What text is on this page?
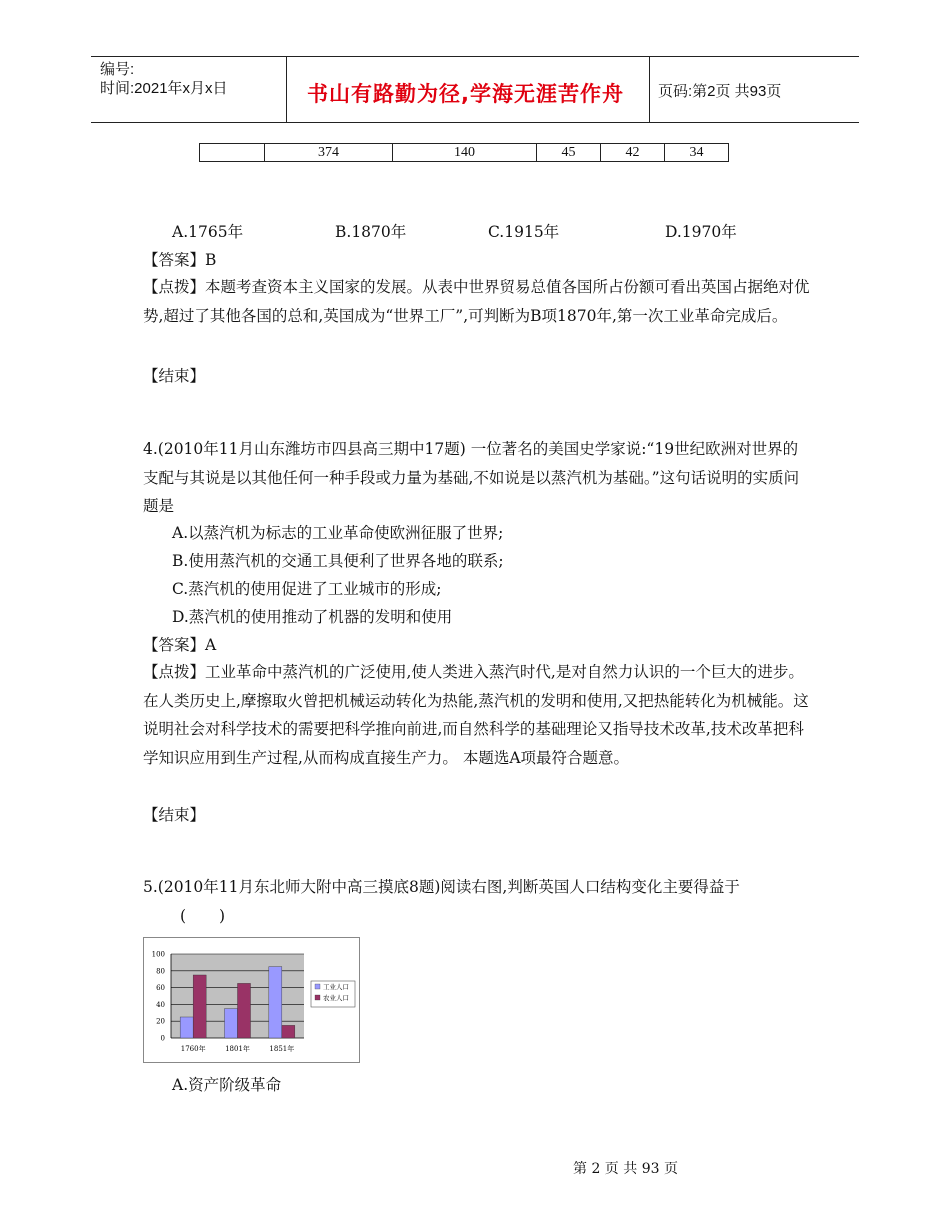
编号:
时间:2021年x月x日	书山有路勤为径,学海无涯苦作舟	页码:第2页 共93页
	374	140	45	42	34
A.1765年	B.1870年	C.1915年	D.1970年
【答案】B
【点拨】本题考查资本主义国家的发展。从表中世界贸易总值各国所占份额可看出英国占据绝对优势,超过了其他各国的总和,英国成为“世界工厂”,可判断为B项1870年,第一次工业革命完成后。
【结束】
4.(2010年11月山东潍坊市四县高三期中17题) 一位著名的美国史学家说:“19世纪欧洲对世界的支配与其说是以其他任何一种手段或力量为基础,不如说是以蒸汽机为基础。”这句话说明的实质问题是
A.以蒸汽机为标志的工业革命使欧洲征服了世界;
B.使用蒸汽机的交通工具便利了世界各地的联系;
C.蒸汽机的使用促进了工业城市的形成;
D.蒸汽机的使用推动了机器的发明和使用
【答案】A
【点拨】工业革命中蒸汽机的广泛使用,使人类进入蒸汽时代,是对自然力认识的一个巨大的进步。在人类历史上,摩擦取火曾把机械运动转化为热能,蒸汽机的发明和使用,又把热能转化为机械能。这说明社会对科学技术的需要把科学推向前进,而自然科学的基础理论又指导技术改革,技术改革把科学知识应用到生产过程,从而构成直接生产力。 本题选A项最符合题意。
【结束】
5.(2010年11月东北师大附中高三摸底8题)阅读右图,判断英国人口结构变化主要得益于
( )
0
20
40
60
80
100
1760年	1801年	1851年
工业人口
农业人口
A.资产阶级革命
第 2 页 共 93 页
